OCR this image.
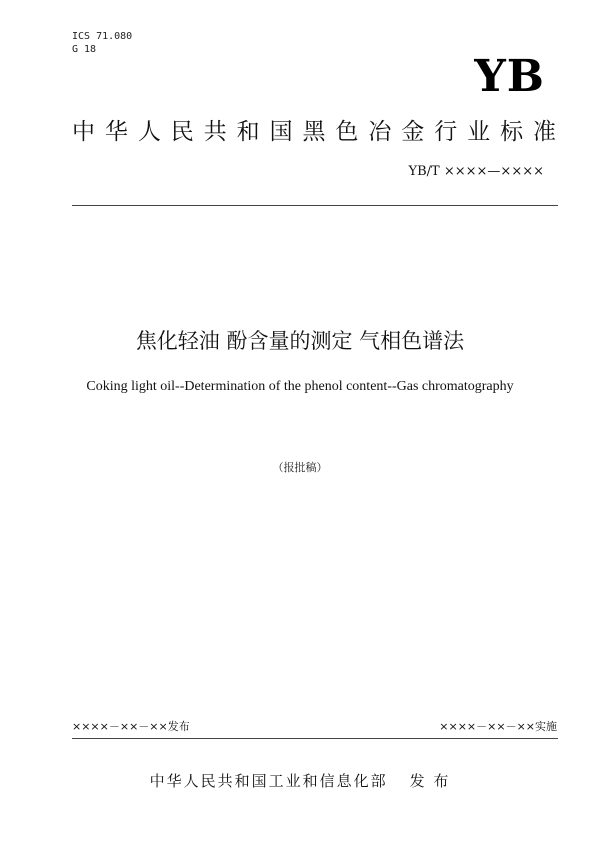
ICS 71.080
G 18
YB
中华人民共和国黑色冶金行业标准
YB/T ××××—××××
焦化轻油 酚含量的测定 气相色谱法
Coking light oil--Determination of the phenol content--Gas chromatography
（报批稿）
××××－××－××发布	××××－××－××实施
中华人民共和国工业和信息化部 发 布
